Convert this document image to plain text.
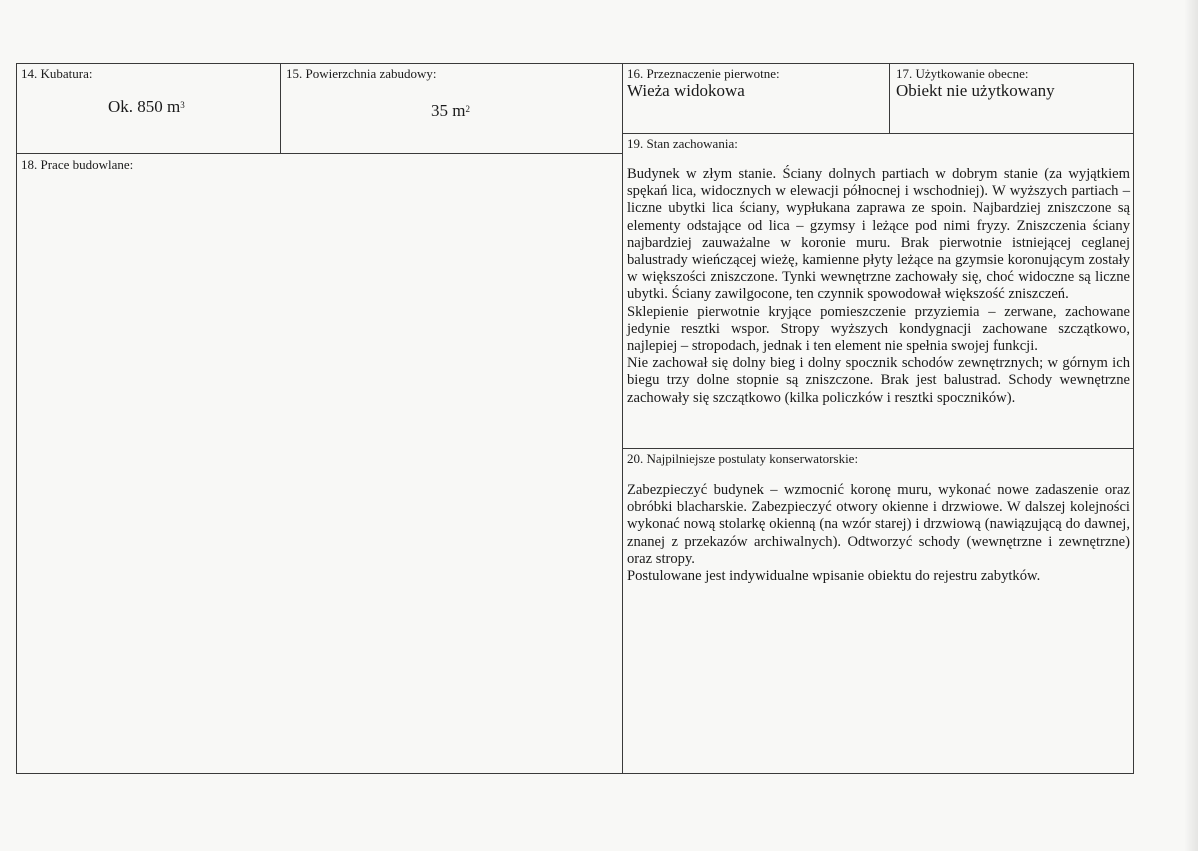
14. Kubatura:
Ok. 850 $m^3$
15. Powierzchnia zabudowy:
35 $m^2$
16. Przeznaczenie pierwotne:
Wieża widokowa
17. Użytkowanie obecne:
Obiekt nie użytkowany
18. Prace budowlane:
19. Stan zachowania:

Budynek w złym stanie. Ściany dolnych partiach w dobrym stanie (za wyjątkiem spękań lica, widocznych w elewacji północnej i wschodniej). W wyższych partiach – liczne ubytki lica ściany, wypłukana zaprawa ze spoin. Najbardziej zniszczone są elementy odstające od lica – gzymsy i leżące pod nimi fryzy. Zniszczenia ściany najbardziej zauważalne w koronie muru. Brak pierwotnie istniejącej ceglanej balustrady wieńczącej wieżę, kamienne płyty leżące na gzymsie koronującym zostały w większości zniszczone. Tynki wewnętrzne zachowały się, choć widoczne są liczne ubytki. Ściany zawilgocone, ten czynnik spowodował większość zniszczeń.

Sklepienie pierwotnie kryjące pomieszczenie przyziemia – zerwane, zachowane jedynie resztki wspor. Stropy wyższych kondygnacji zachowane szczątkowo, najlepiej – stropodach, jednak i ten element nie spełnia swojej funkcji.

Nie zachował się dolny bieg i dolny spocznik schodów zewnętrznych; w górnym ich biegu trzy dolne stopnie są zniszczone. Brak jest balustrad. Schody wewnętrzne zachowały się szczątkowo (kilka policzków i resztki spoczników).

20. Najpilniejsze postulaty konserwatorskie:

Zabezpieczyć budynek – wzmocnić koronę muru, wykonać nowe zadaszenie oraz obróbki blacharskie. Zabezpieczyć otwory okienne i drzwiowe. W dalszej kolejności wykonać nową stolarkę okienną (na wzór starej) i drzwiową (nawiązującą do dawnej, znanej z przekazów archiwalnych). Odtworzyć schody (wewnętrzne i zewnętrzne) oraz stropy.

Postulowane jest indywidualne wpisanie obiektu do rejestru zabytków.
